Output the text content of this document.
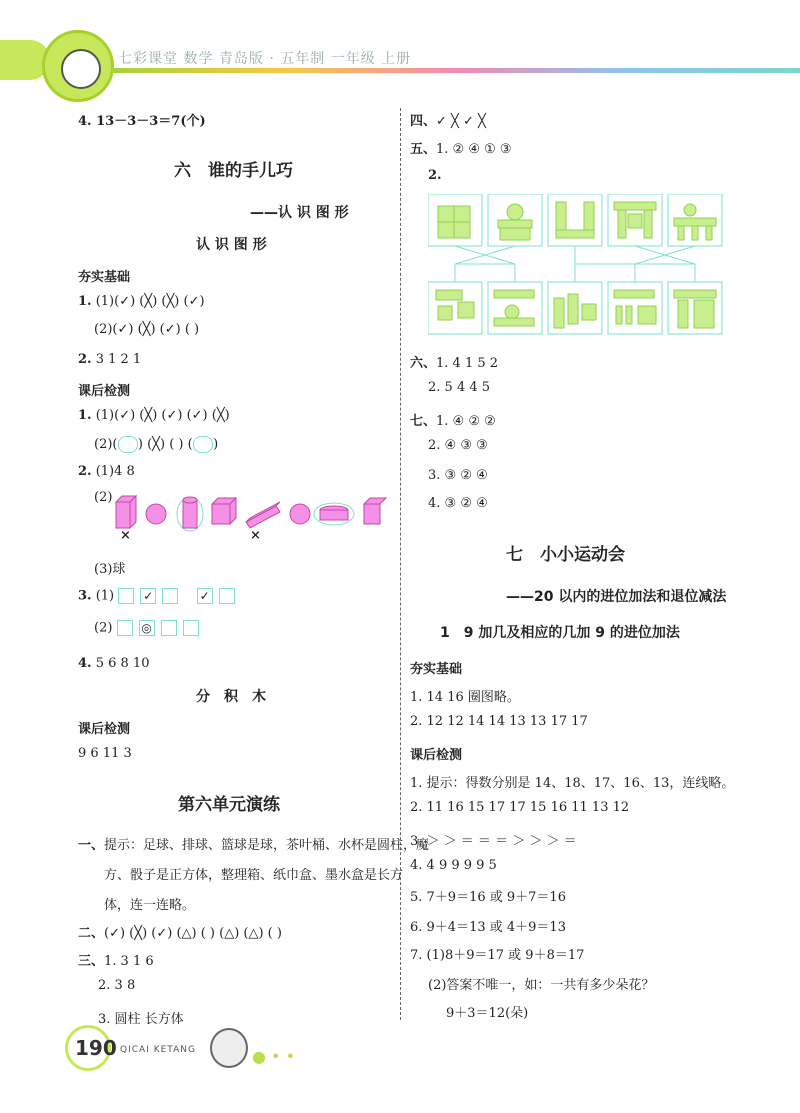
七彩课堂 数学 青岛版 · 五年制 一年级 上册
4. 13－3－3＝7(个)
六　谁的手儿巧
——认 识 图 形
认 识 图 形
夯实基础
1. (1)(✓) (╳) (╳) (✓)
(2)(✓) (╳) (✓) ( )
2. 3 1 2 1
课后检测
1. (1)(✓) (╳) (✓) (✓) (╳)
(2)( ) (╳) ( ) ( )
2. (1)4 8
(2)
×	×
(3)球
3. (1) ✓	✓
(2) ◎
4. 5 6 8 10
分　积　木
课后检测
9 6 11 3
第六单元演练
一、提示：足球、排球、篮球是球，茶叶桶、水杯是圆柱，魔
方、骰子是正方体，整理箱、纸巾盒、墨水盒是长方
体，连一连略。
二、(✓) (╳) (✓) (△) ( ) (△) (△) ( )
三、1. 3 1 6
2. 3 8
3. 圆柱 长方体
四、✓ ╳ ✓ ╳
五、1. ② ④ ① ③
2.
六、1. 4 1 5 2
2. 5 4 4 5
七、1. ④ ② ②
2. ④ ③ ③
3. ③ ② ④
4. ③ ② ④
七　小小运动会
——20 以内的进位加法和退位减法
1　9 加几及相应的几加 9 的进位加法
夯实基础
1. 14 16 圈图略。
2. 12 12 14 14 13 13 17 17
课后检测
1. 提示：得数分别是 14、18、17、16、13，连线略。
2. 11 16 15 17 17 15 16 11 13 12
3. ＞ ＞ ＝ ＝ ＝ ＞ ＞ ＞ ＝
4. 4 9 9 9 9 5
5. 7＋9＝16 或 9＋7＝16
6. 9＋4＝13 或 4＋9＝13
7. (1)8＋9＝17 或 9＋8＝17
(2)答案不唯一，如：一共有多少朵花？
9＋3＝12(朵)
190 QICAI KETANG	● • •
